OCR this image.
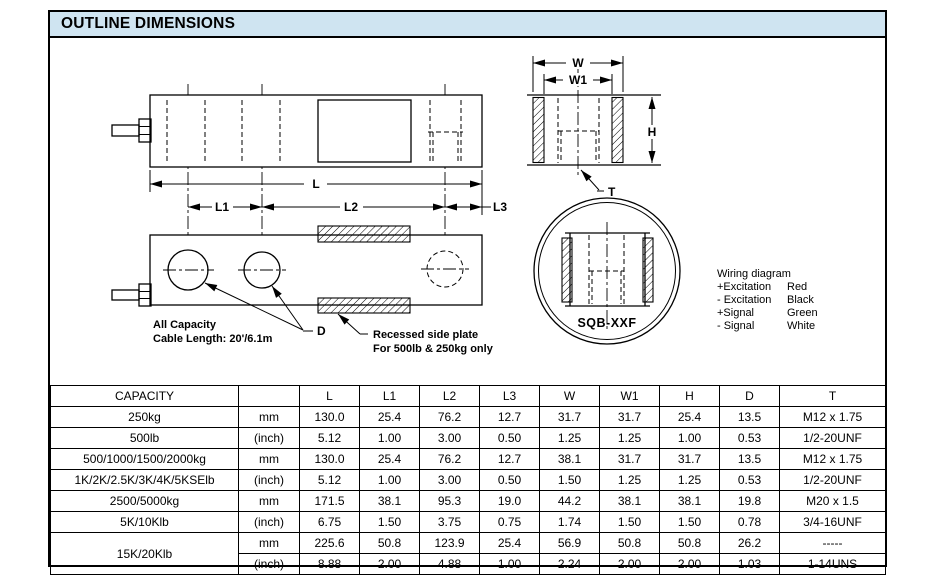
OUTLINE DIMENSIONS
L
L1	L2	L3
D	Recessed side plate
For 500lb & 250kg only
All Capacity
Cable Length: 20'/6.1m
W
W1
H
T
SQB-XXF
Wiring diagram
+Excitation Red
- Excitation Black
+Signal	Green
- Signal	White
CAPACITY		L	L1	L2	L3	W	W1	H	D	T
250kg	mm	130.0	25.4	76.2	12.7	31.7	31.7	25.4	13.5	M12 x 1.75
500lb	(inch)	5.12	1.00	3.00	0.50	1.25	1.25	1.00	0.53	1/2-20UNF
500/1000/1500/2000kg	mm	130.0	25.4	76.2	12.7	38.1	31.7	31.7	13.5	M12 x 1.75
1K/2K/2.5K/3K/4K/5KSElb	(inch)	5.12	1.00	3.00	0.50	1.50	1.25	1.25	0.53	1/2-20UNF
2500/5000kg	mm	171.5	38.1	95.3	19.0	44.2	38.1	38.1	19.8	M20 x 1.5
5K/10Klb	(inch)	6.75	1.50	3.75	0.75	1.74	1.50	1.50	0.78	3/4-16UNF
15K/20Klb	mm	225.6	50.8	123.9	25.4	56.9	50.8	50.8	26.2	-----
	(inch)	8.88	2.00	4.88	1.00	2.24	2.00	2.00	1.03	1-14UNS
